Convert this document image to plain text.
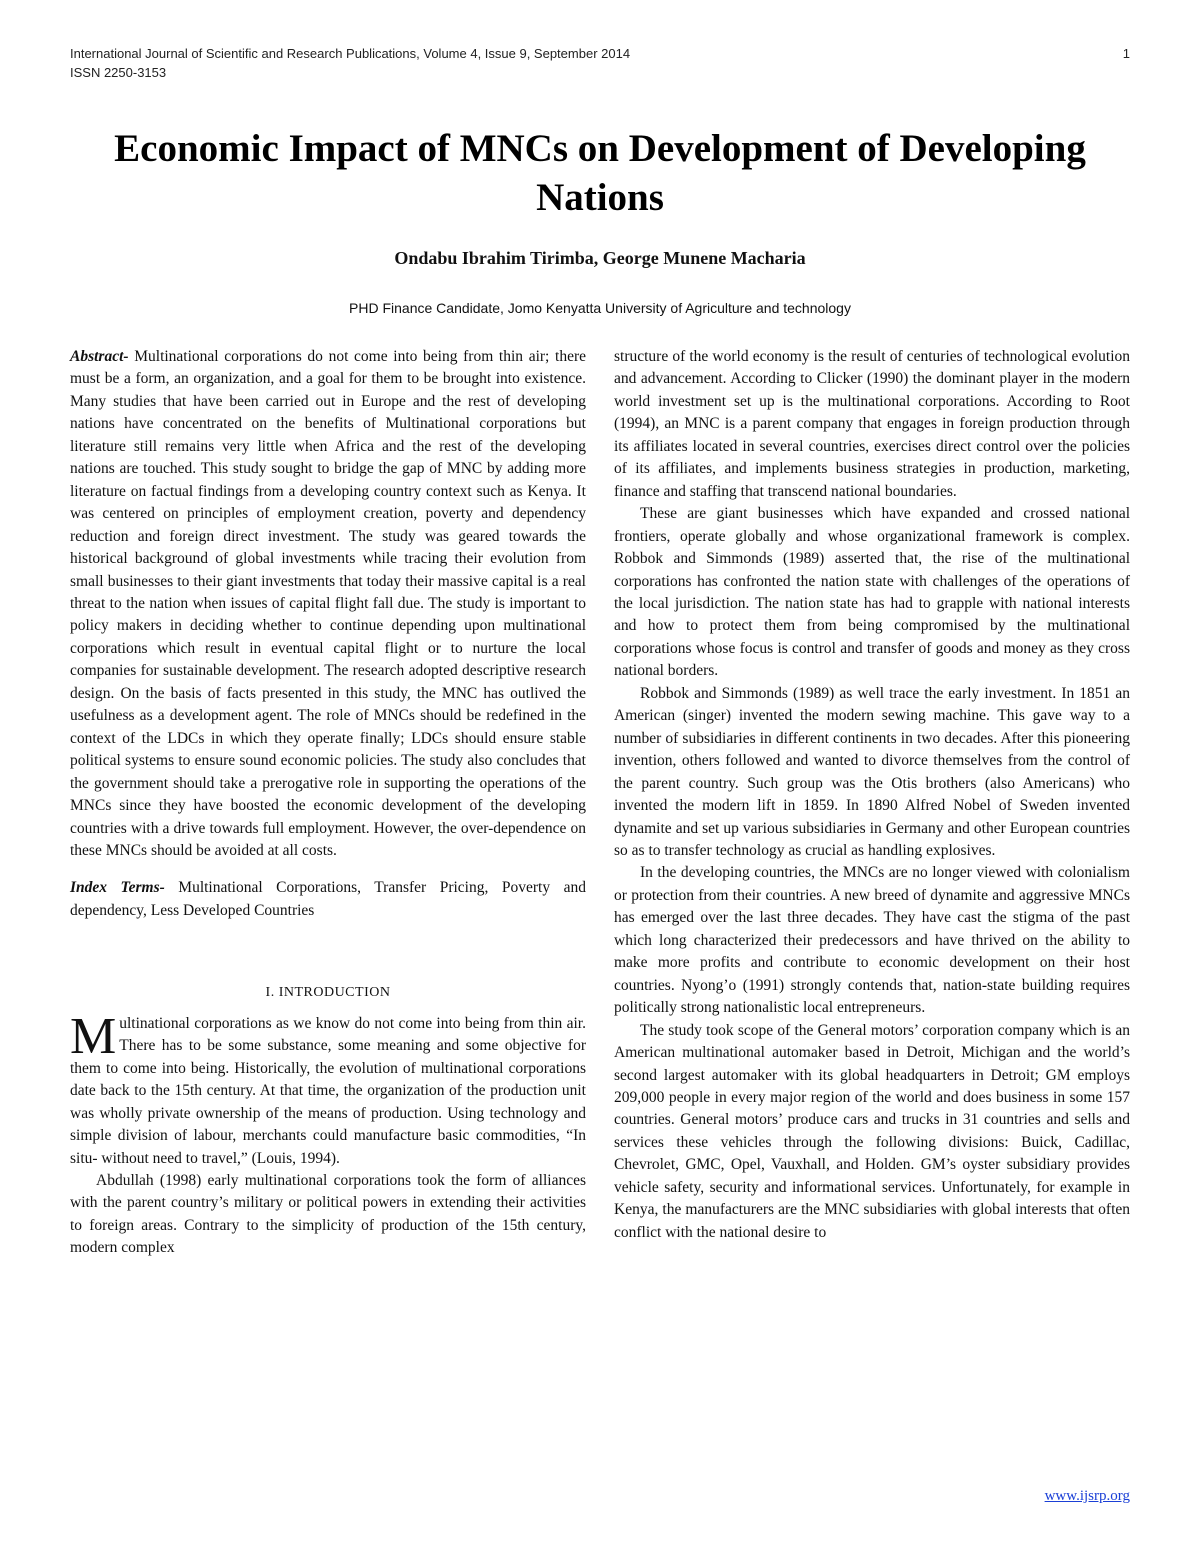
International Journal of Scientific and Research Publications, Volume 4, Issue 9, September 2014
ISSN 2250-3153
1
Economic Impact of MNCs on Development of Developing Nations
Ondabu Ibrahim Tirimba, George Munene Macharia
PHD Finance Candidate, Jomo Kenyatta University of Agriculture and technology

Abstract- Multinational corporations do not come into being from thin air; there must be a form, an organization, and a goal for them to be brought into existence. Many studies that have been carried out in Europe and the rest of developing nations have concentrated on the benefits of Multinational corporations but literature still remains very little when Africa and the rest of the developing nations are touched. This study sought to bridge the gap of MNC by adding more literature on factual findings from a developing country context such as Kenya. It was centered on principles of employment creation, poverty and dependency reduction and foreign direct investment. The study was geared towards the historical background of global investments while tracing their evolution from small businesses to their giant investments that today their massive capital is a real threat to the nation when issues of capital flight fall due. The study is important to policy makers in deciding whether to continue depending upon multinational corporations which result in eventual capital flight or to nurture the local companies for sustainable development. The research adopted descriptive research design. On the basis of facts presented in this study, the MNC has outlived the usefulness as a development agent. The role of MNCs should be redefined in the context of the LDCs in which they operate finally; LDCs should ensure stable political systems to ensure sound economic policies. The study also concludes that the government should take a prerogative role in supporting the operations of the MNCs since they have boosted the economic development of the developing countries with a drive towards full employment. However, the over-dependence on these MNCs should be avoided at all costs.

Index Terms- Multinational Corporations, Transfer Pricing, Poverty and dependency, Less Developed Countries

I. INTRODUCTION

Multinational corporations as we know do not come into being from thin air. There has to be some substance, some meaning and some objective for them to come into being. Historically, the evolution of multinational corporations date back to the 15th century. At that time, the organization of the production unit was wholly private ownership of the means of production. Using technology and simple division of labour, merchants could manufacture basic commodities, “In situ- without need to travel,” (Louis, 1994).

Abdullah (1998) early multinational corporations took the form of alliances with the parent country’s military or political powers in extending their activities to foreign areas. Contrary to the simplicity of production of the 15th century, modern complex

structure of the world economy is the result of centuries of technological evolution and advancement. According to Clicker (1990) the dominant player in the modern world investment set up is the multinational corporations. According to Root (1994), an MNC is a parent company that engages in foreign production through its affiliates located in several countries, exercises direct control over the policies of its affiliates, and implements business strategies in production, marketing, finance and staffing that transcend national boundaries.

These are giant businesses which have expanded and crossed national frontiers, operate globally and whose organizational framework is complex. Robbok and Simmonds (1989) asserted that, the rise of the multinational corporations has confronted the nation state with challenges of the operations of the local jurisdiction. The nation state has had to grapple with national interests and how to protect them from being compromised by the multinational corporations whose focus is control and transfer of goods and money as they cross national borders.

Robbok and Simmonds (1989) as well trace the early investment. In 1851 an American (singer) invented the modern sewing machine. This gave way to a number of subsidiaries in different continents in two decades. After this pioneering invention, others followed and wanted to divorce themselves from the control of the parent country. Such group was the Otis brothers (also Americans) who invented the modern lift in 1859. In 1890 Alfred Nobel of Sweden invented dynamite and set up various subsidiaries in Germany and other European countries so as to transfer technology as crucial as handling explosives.

In the developing countries, the MNCs are no longer viewed with colonialism or protection from their countries. A new breed of dynamite and aggressive MNCs has emerged over the last three decades. They have cast the stigma of the past which long characterized their predecessors and have thrived on the ability to make more profits and contribute to economic development on their host countries. Nyong’o (1991) strongly contends that, nation-state building requires politically strong nationalistic local entrepreneurs.

The study took scope of the General motors’ corporation company which is an American multinational automaker based in Detroit, Michigan and the world’s second largest automaker with its global headquarters in Detroit; GM employs 209,000 people in every major region of the world and does business in some 157 countries. General motors’ produce cars and trucks in 31 countries and sells and services these vehicles through the following divisions: Buick, Cadillac, Chevrolet, GMC, Opel, Vauxhall, and Holden. GM’s oyster subsidiary provides vehicle safety, security and informational services. Unfortunately, for example in Kenya, the manufacturers are the MNC subsidiaries with global interests that often conflict with the national desire to

www.ijsrp.org
